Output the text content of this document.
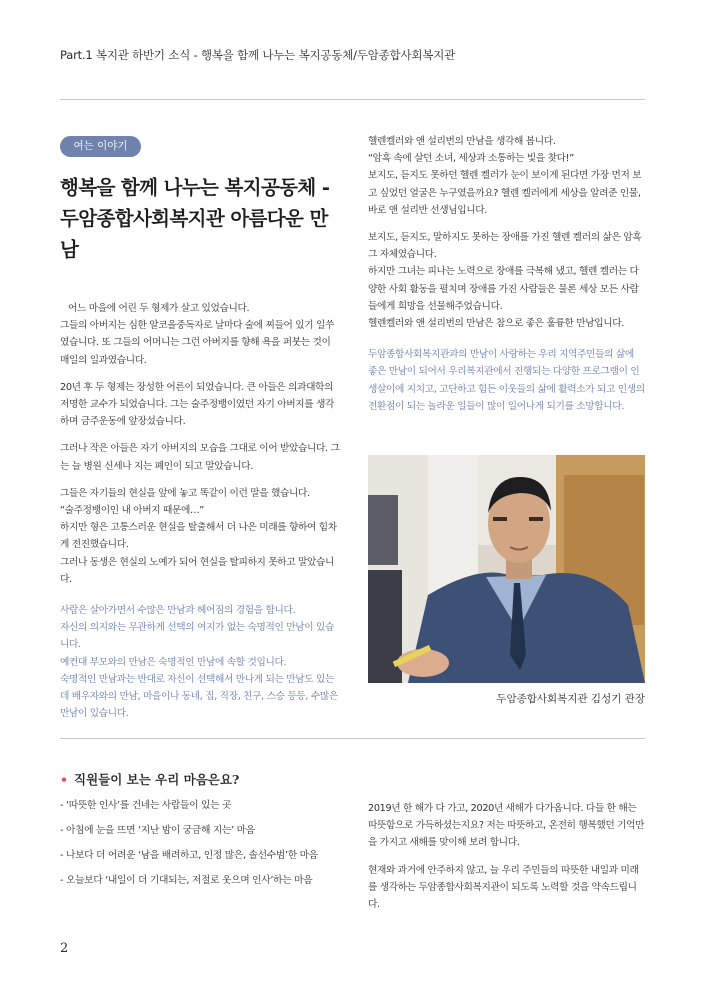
Part.1 복지관 하반기 소식 - 행복을 함께 나누는 복지공동체/두암종합사회복지관
여는 이야기
행복을 함께 나누는 복지공동체 -
두암종합사회복지관 아름다운 만남

어느 마을에 어린 두 형제가 살고 있었습니다.
그들의 아버지는 심한 알코올중독자로 날마다 술에 찌들어 있기 일쑤였습니다. 또 그들의 어머니는 그런 아버지를 향해 욕을 퍼붓는 것이 매일의 일과였습니다.

20년 후 두 형제는 장성한 어른이 되었습니다. 큰 아들은 의과대학의 저명한 교수가 되었습니다. 그는 술주정뱅이였던 자기 아버지를 생각하며 금주운동에 앞장섰습니다.

그러나 작은 아들은 자기 아버지의 모습을 그대로 이어 받았습니다. 그는 늘 병원 신세나 지는 폐인이 되고 말았습니다.

그들은 자기들의 현실을 앞에 놓고 똑같이 이런 말을 했습니다.
“술주정뱅이인 내 아버지 때문에…”
하지만 형은 고통스러운 현실을 탈출해서 더 나은 미래를 향하여 힘차게 전진했습니다.
그러나 동생은 현실의 노예가 되어 현실을 탈피하지 못하고 말았습니다.

사람은 살아가면서 수많은 만남과 헤어짐의 경험을 합니다.
자신의 의지와는 무관하게 선택의 여지가 없는 숙명적인 만남이 있습니다.
예컨대 부모와의 만남은 숙명적인 만남에 속할 것입니다.
숙명적인 만남과는 반대로 자신이 선택해서 만나게 되는 만남도 있는데 배우자와의 만남, 마을이나 동네, 집, 직장, 친구, 스승 등등, 수많은 만남이 있습니다.

헬렌켈러와 앤 설리번의 만남을 생각해 봅니다.
“암흑 속에 살던 소녀, 세상과 소통하는 빛을 찾다!”
보지도, 듣지도 못하던 헬렌 켈러가 눈이 보이게 된다면 가장 먼저 보고 싶었던 얼굴은 누구였을까요? 헬렌 켈러에게 세상을 알려준 인물, 바로 앤 설리반 선생님입니다.

보지도, 듣지도, 말하지도 못하는 장애를 가진 헬렌 켈러의 삶은 암흑 그 자체였습니다.
하지만 그녀는 피나는 노력으로 장애를 극복해 냈고, 헬렌 켈러는 다양한 사회 활동을 펼치며 장애를 가진 사람들은 물론 세상 모든 사람들에게 희망을 선물해주었습니다.
헬렌켈러와 앤 설리번의 만남은 참으로 좋은 훌륭한 만남입니다.

두암종합사회복지관과의 만남이 사랑하는 우리 지역주민들의 삶에 좋은 만남이 되어서 우리복지관에서 진행되는 다양한 프로그램이 인생살이에 지치고, 고단하고 힘든 이웃들의 삶에 활력소가 되고 인생의 전환점이 되는 놀라운 일들이 많이 일어나게 되기를 소망합니다.

두암종합사회복지관 김성기 관장
• 직원들이 보는 우리 마음은요?
- ‘따뜻한 인사’를 건네는 사람들이 있는 곳
- 아침에 눈을 뜨면 ‘지난 밤이 궁금해 지는’ 마음
- 나보다 더 어려운 ‘남을 배려하고, 인정 많은, 솔선수범’한 마음
- 오늘보다 ‘내일이 더 기대되는, 저절로 웃으며 인사’하는 마음

2019년 한 해가 다 가고, 2020년 새해가 다가옵니다. 다들 한 해는 따뜻함으로 가득하셨는지요? 저는 따뜻하고, 온전히 행복했던 기억만을 가지고 새해를 맞이해 보려 합니다.

현재와 과거에 안주하지 않고, 늘 우리 주민들의 따뜻한 내일과 미래를 생각하는 두암종합사회복지관이 되도록 노력할 것을 약속드립니다.

2
